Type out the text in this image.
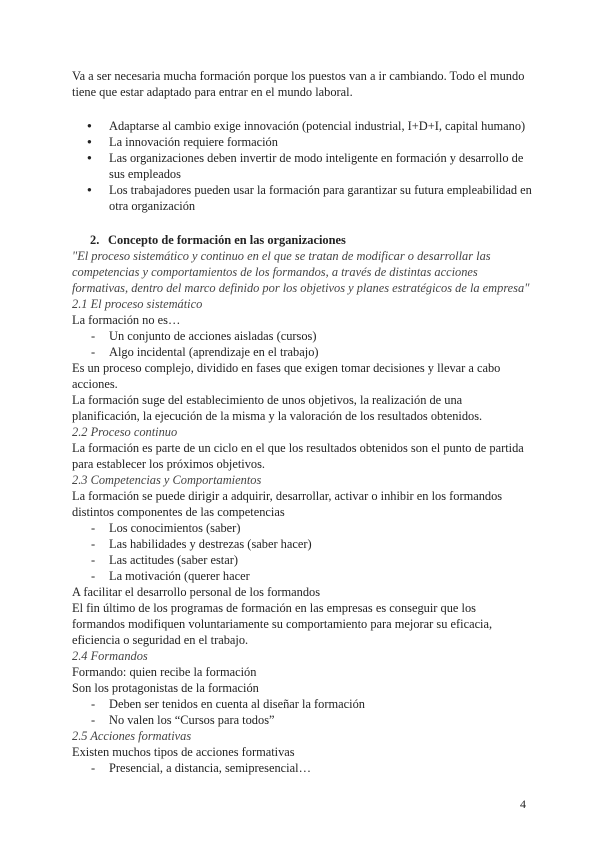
Va a ser necesaria mucha formación porque los puestos van a ir cambiando. Todo el mundo tiene que estar adaptado para entrar en el mundo laboral.

● Adaptarse al cambio exige innovación (potencial industrial, I+D+I, capital humano)
● La innovación requiere formación
● Las organizaciones deben invertir de modo inteligente en formación y desarrollo de sus empleados
● Los trabajadores pueden usar la formación para garantizar su futura empleabilidad en otra organización
2. Concepto de formación en las organizaciones

"El proceso sistemático y continuo en el que se tratan de modificar o desarrollar las competencias y comportamientos de los formandos, a través de distintas acciones formativas, dentro del marco definido por los objetivos y planes estratégicos de la empresa"

2.1 El proceso sistemático

La formación no es…

- Un conjunto de acciones aisladas (cursos)
- Algo incidental (aprendizaje en el trabajo)

Es un proceso complejo, dividido en fases que exigen tomar decisiones y llevar a cabo acciones.

La formación suge del establecimiento de unos objetivos, la realización de una planificación, la ejecución de la misma y la valoración de los resultados obtenidos.

2.2 Proceso continuo

La formación es parte de un ciclo en el que los resultados obtenidos son el punto de partida para establecer los próximos objetivos.

2.3 Competencias y Comportamientos

La formación se puede dirigir a adquirir, desarrollar, activar o inhibir en los formandos distintos componentes de las competencias

- Los conocimientos (saber)
- Las habilidades y destrezas (saber hacer)
- Las actitudes (saber estar)
- La motivación (querer hacer

A facilitar el desarrollo personal de los formandos

El fin último de los programas de formación en las empresas es conseguir que los formandos modifiquen voluntariamente su comportamiento para mejorar su eficacia, eficiencia o seguridad en el trabajo.

2.4 Formandos

Formando: quien recibe la formación

Son los protagonistas de la formación

- Deben ser tenidos en cuenta al diseñar la formación
- No valen los “Cursos para todos”

2.5 Acciones formativas

Existen muchos tipos de acciones formativas

- Presencial, a distancia, semipresencial…
4
